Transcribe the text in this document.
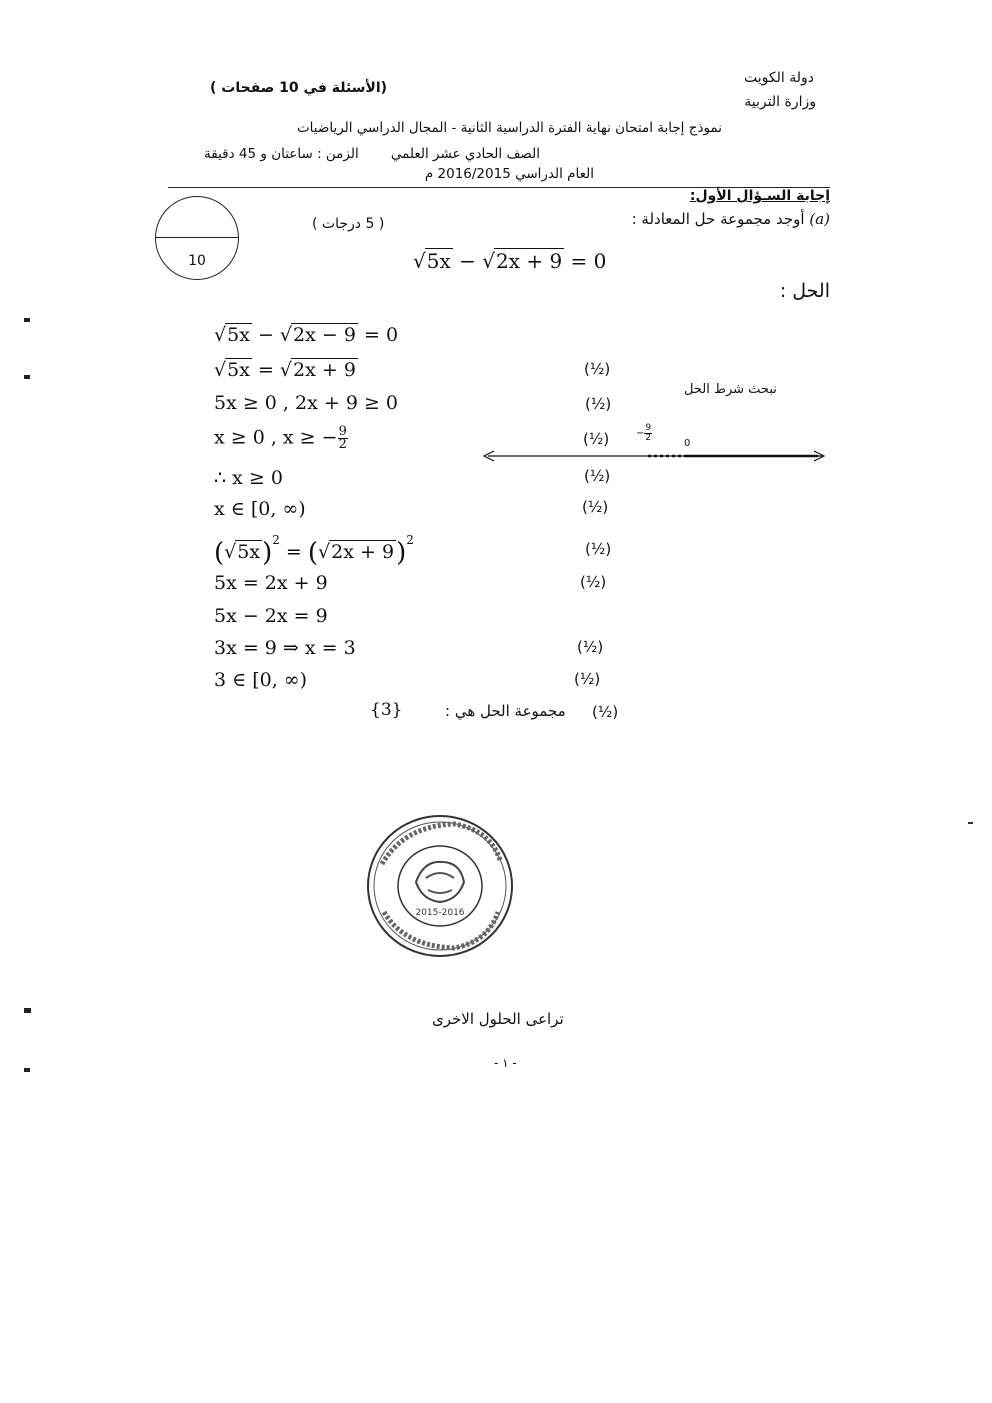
دولة الكويت
وزارة التربية
(الأسئلة في 10 صفحات )
نموذج إجابة امتحان نهاية الفترة الدراسية الثانية - المجال الدراسي الرياضيات
الصف الحادي عشر العلمي
الزمن : ساعتان و 45 دقيقة
العام الدراسي 2016/2015 م
إجابة السـؤال الأول:
(a) أوجد مجموعة حل المعادلة :
( 5 درجات )
10	√5x − √2x + 9 = 0
الحل :
√5x − √2x − 9 = 0
√5x = √2x + 9	(½)
5x ≥ 0 , 2x + 9 ≥ 0	(½)
x ≥ 0 , x ≥ − $\frac{9}{2}$	(½)
∴ x ≥ 0	(½)
x ∈ [0, ∞)	(½)
$(√5x)^2 = (√2x + 9)^2$	(½)
5x = 2x + 9	(½)
5x − 2x = 9
3x = 9 ⇒ x = 3	(½)
3 ∈ [0, ∞)	(½)
(½)
مجموعة الحل هي :
{3}
نبحث شرط الحل
− $\frac{9}{2}$
0
2015-2016
تراعى الحلول الاخرى
- ١ -
